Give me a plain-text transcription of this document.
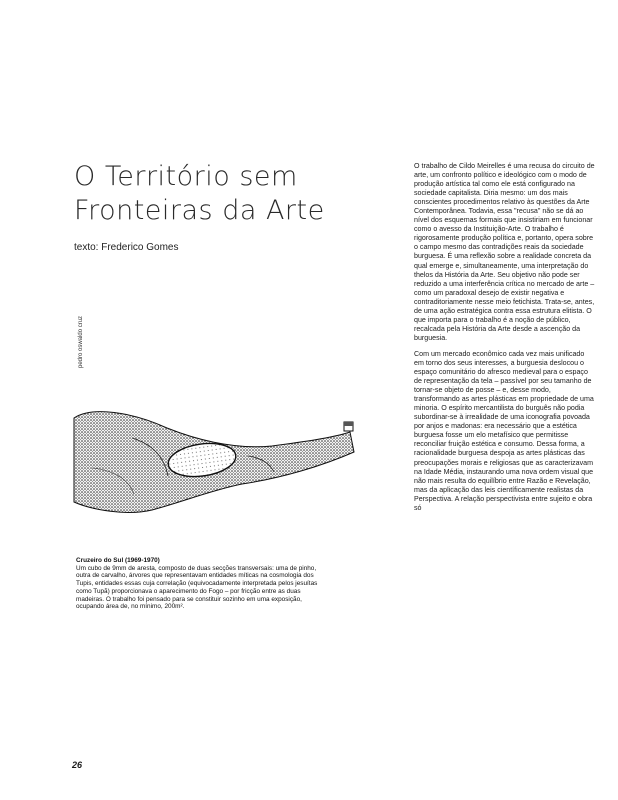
O Território sem
Fronteiras da Arte
texto: Frederico Gomes
pedro oswaldo cruz
Cruzeiro do Sul (1969-1970)
Um cubo de 9mm de aresta, composto de duas secções transversais: uma de pinho, outra de carvalho, árvores que representavam entidades míticas na cosmologia dos Tupis, entidades essas cuja correlação (equivocadamente interpretada pelos jesuítas como Tupã) proporcionava o aparecimento do Fogo – por fricção entre as duas madeiras. O trabalho foi pensado para se constituir sozinho em uma exposição, ocupando área de, no mínimo, 200m².

O trabalho de Cildo Meirelles é uma recusa do circuito de arte, um confronto político e ideológico com o modo de produção artística tal como ele está configurado na sociedade capitalista. Diria mesmo: um dos mais conscientes procedimentos relativo às questões da Arte Contemporânea. Todavia, essa "recusa" não se dá ao nível dos esquemas formais que insistiriam em funcionar como o avesso da Instituição-Arte. O trabalho é rigorosamente produção política e, portanto, opera sobre o campo mesmo das contradições reais da sociedade burguesa. É uma reflexão sobre a realidade concreta da qual emerge e, simultaneamente, uma interpretação do thelos da História da Arte. Seu objetivo não pode ser reduzido a uma interferência crítica no mercado de arte – como um paradoxal desejo de existir negativa e contraditoriamente nesse meio fetichista. Trata-se, antes, de uma ação estratégica contra essa estrutura elitista. O que importa para o trabalho é a noção de público, recalcada pela História da Arte desde a ascenção da burguesia.

Com um mercado econômico cada vez mais unificado em torno dos seus interesses, a burguesia deslocou o espaço comunitário do afresco medieval para o espaço de representação da tela – passível por seu tamanho de tornar-se objeto de posse – e, desse modo, transformando as artes plásticas em propriedade de uma minoria. O espírito mercantilista do burguês não podia subordinar-se à irrealidade de uma iconografia povoada por anjos e madonas: era necessário que a estética burguesa fosse um elo metafísico que permitisse reconciliar fruição estética e consumo. Dessa forma, a racionalidade burguesa despoja as artes plásticas das preocupações morais e religiosas que as caracterizavam na Idade Média, instaurando uma nova ordem visual que não mais resulta do equilíbrio entre Razão e Revelação, mas da aplicação das leis científicamente realistas da Perspectiva. A relação perspectivista entre sujeito e obra só

26
